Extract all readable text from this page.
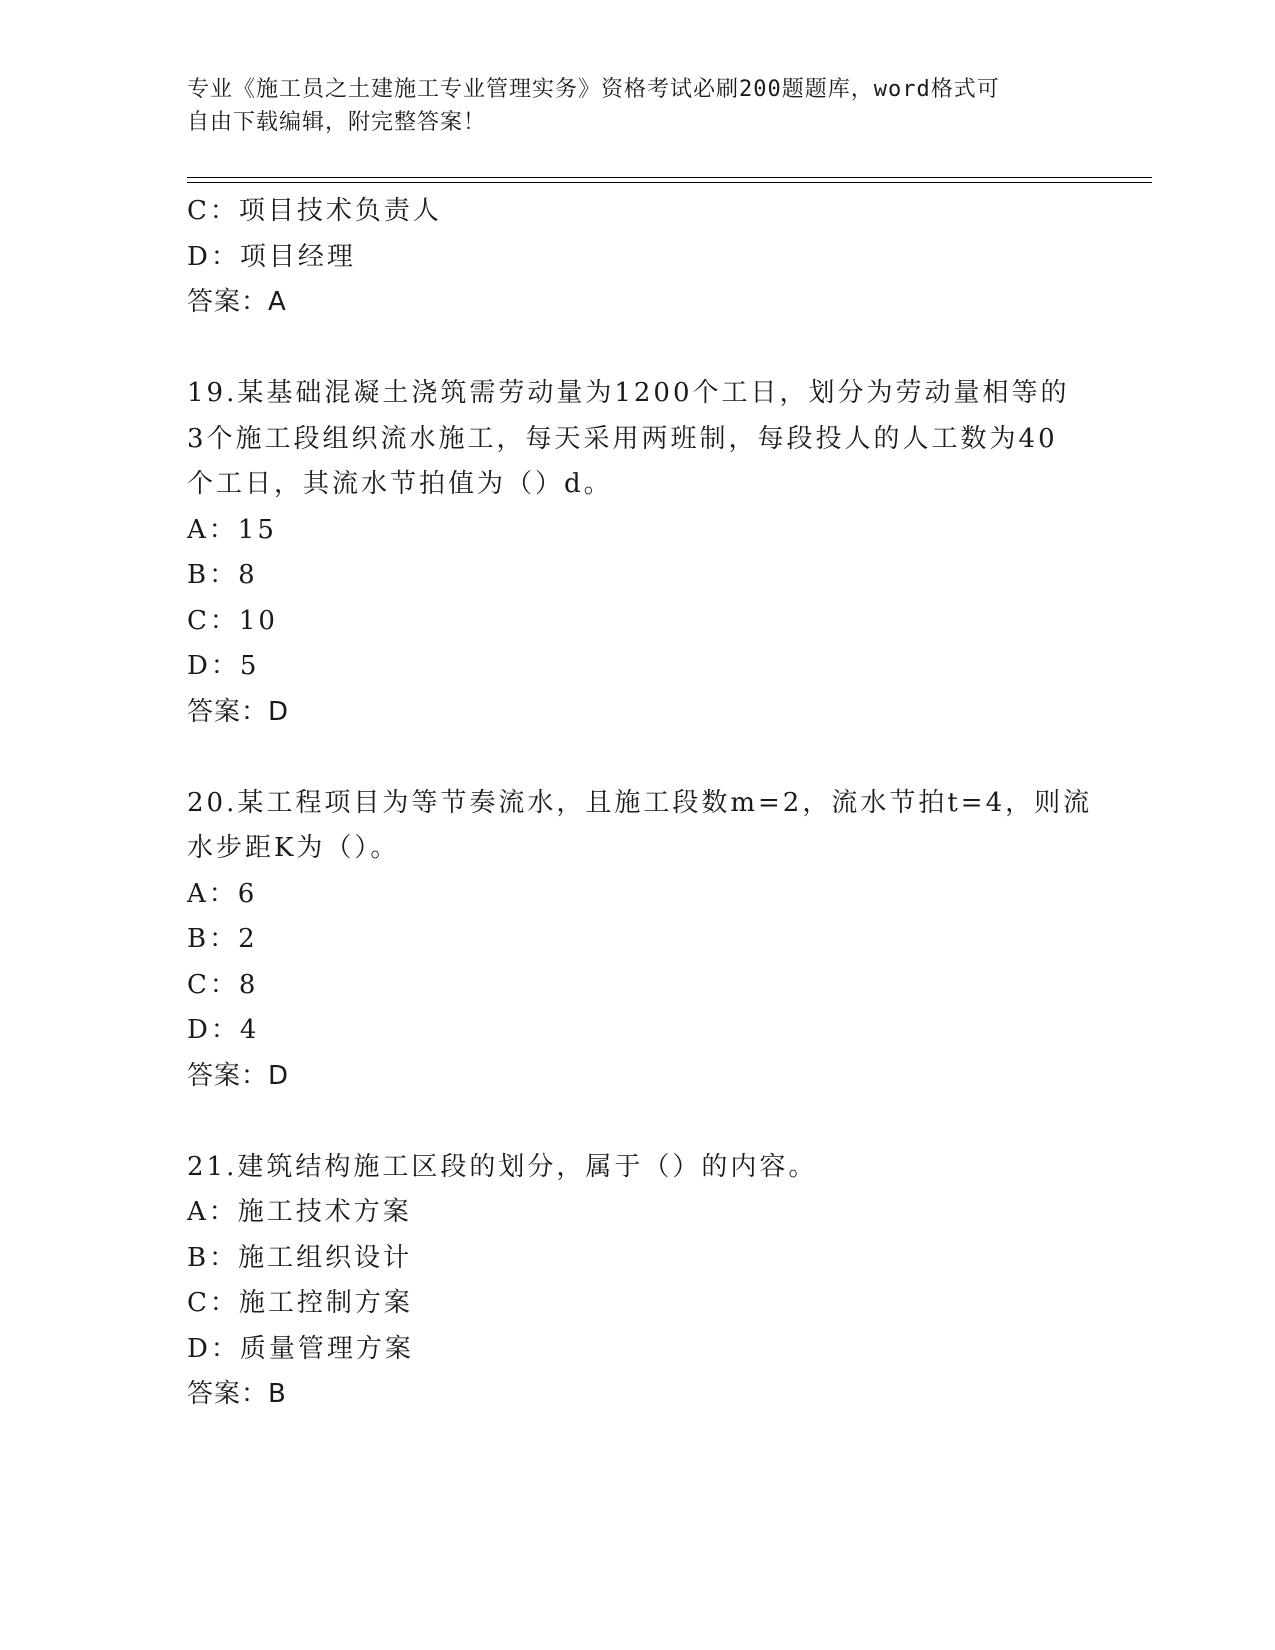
专业《施工员之土建施工专业管理实务》资格考试必刷200题题库，word格式可
自由下载编辑，附完整答案！
C：项目技术负责人
D：项目经理
答案：A
19.某基础混凝土浇筑需劳动量为1200个工日，划分为劳动量相等的
3个施工段组织流水施工，每天采用两班制，每段投人的人工数为40
个工日，其流水节拍值为（）d。
A：15
B：8
C：10
D：5
答案：D
20.某工程项目为等节奏流水，且施工段数m=2，流水节拍t=4，则流
水步距K为（）。
A：6
B：2
C：8
D：4
答案：D
21.建筑结构施工区段的划分，属于（）的内容。
A：施工技术方案
B：施工组织设计
C：施工控制方案
D：质量管理方案
答案：B
